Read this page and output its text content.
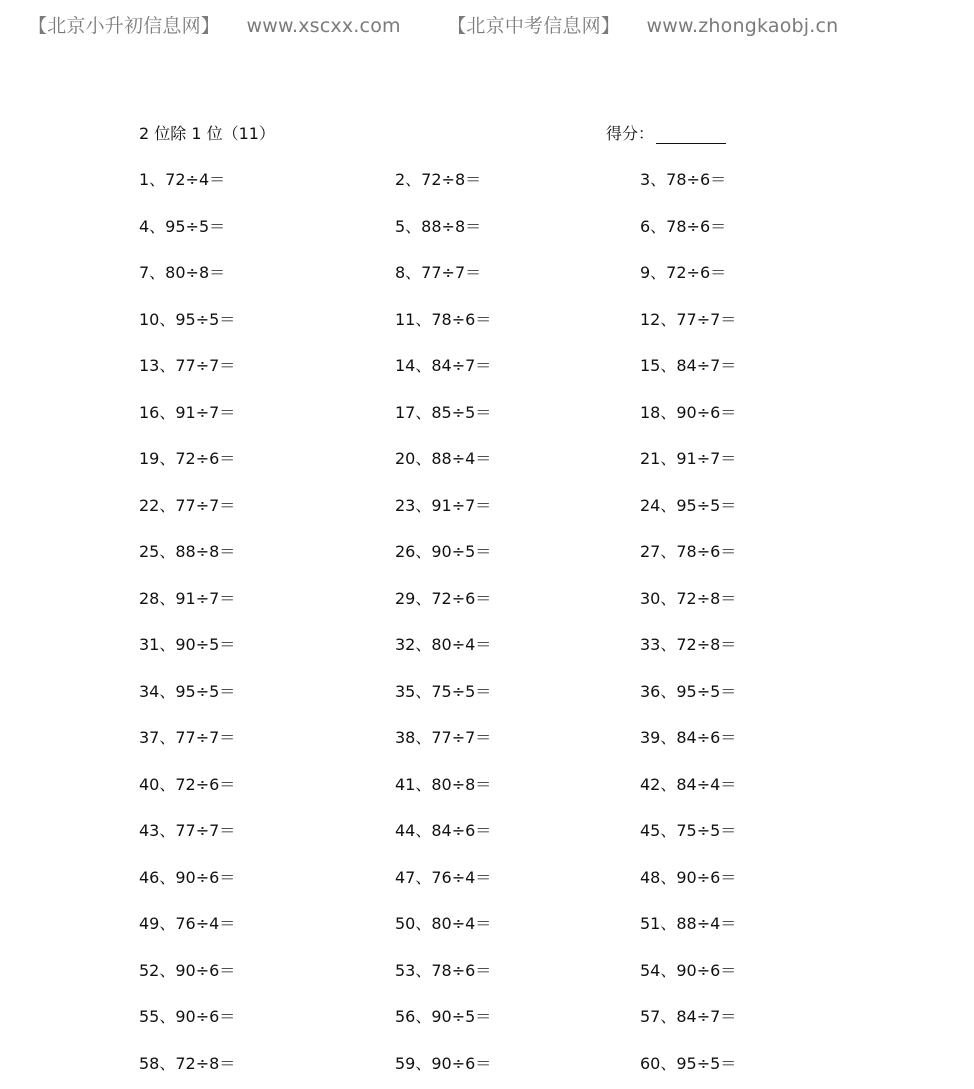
【北京小升初信息网】 www.xscxx.com 【北京中考信息网】 www.zhongkaobj.cn
2 位除 1 位（11）	得分：
1、72÷4＝	2、72÷8＝	3、78÷6＝
4、95÷5＝	5、88÷8＝	6、78÷6＝
7、80÷8＝	8、77÷7＝	9、72÷6＝
10、95÷5＝	11、78÷6＝	12、77÷7＝
13、77÷7＝	14、84÷7＝	15、84÷7＝
16、91÷7＝	17、85÷5＝	18、90÷6＝
19、72÷6＝	20、88÷4＝	21、91÷7＝
22、77÷7＝	23、91÷7＝	24、95÷5＝
25、88÷8＝	26、90÷5＝	27、78÷6＝
28、91÷7＝	29、72÷6＝	30、72÷8＝
31、90÷5＝	32、80÷4＝	33、72÷8＝
34、95÷5＝	35、75÷5＝	36、95÷5＝
37、77÷7＝	38、77÷7＝	39、84÷6＝
40、72÷6＝	41、80÷8＝	42、84÷4＝
43、77÷7＝	44、84÷6＝	45、75÷5＝
46、90÷6＝	47、76÷4＝	48、90÷6＝
49、76÷4＝	50、80÷4＝	51、88÷4＝
52、90÷6＝	53、78÷6＝	54、90÷6＝
55、90÷6＝	56、90÷5＝	57、84÷7＝
58、72÷8＝	59、90÷6＝	60、95÷5＝
